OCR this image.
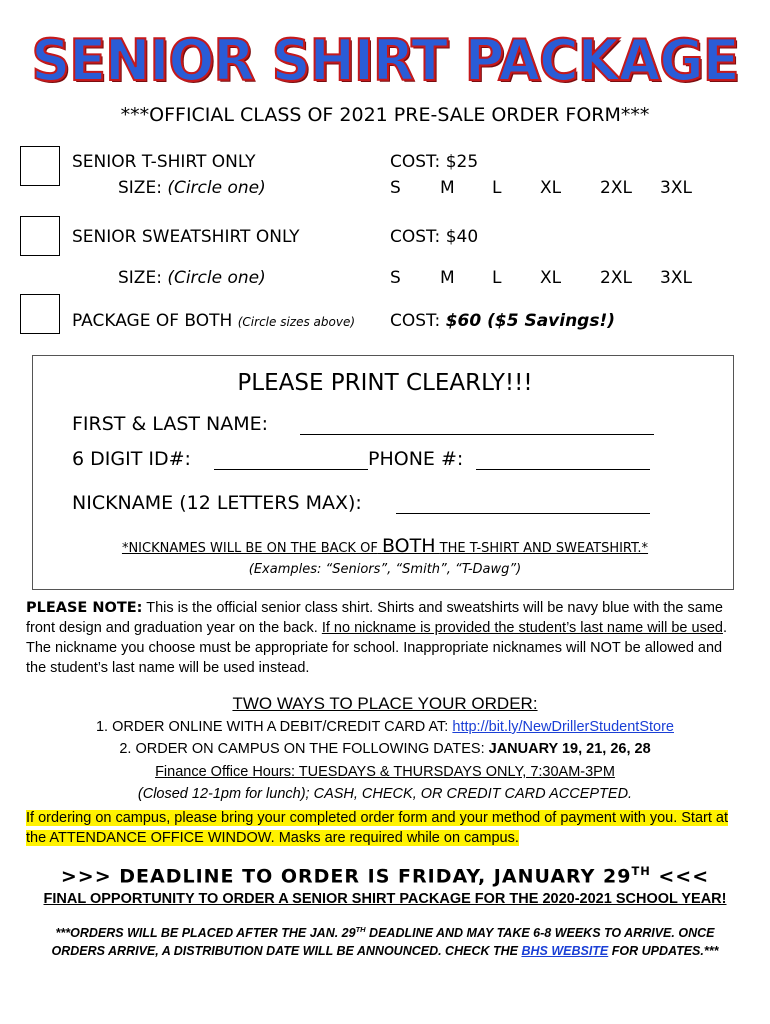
SENIOR SHIRT PACKAGE
***OFFICIAL CLASS OF 2021 PRE-SALE ORDER FORM***
SENIOR T-SHIRT ONLY	COST: $25
SIZE: (Circle one)	S M L XL 2XL 3XL
SENIOR SWEATSHIRT ONLY	COST: $40
SIZE: (Circle one)	S M L XL 2XL 3XL
PACKAGE OF BOTH (Circle sizes above) COST: $60 ($5 Savings!)
PLEASE PRINT CLEARLY!!!
FIRST & LAST NAME:
6 DIGIT ID#:	PHONE #:
NICKNAME (12 LETTERS MAX):
*NICKNAMES WILL BE ON THE BACK OF BOTH THE T-SHIRT AND SWEATSHIRT.*
(Examples: “Seniors”, “Smith”, “T-Dawg”)
PLEASE NOTE: This is the official senior class shirt. Shirts and sweatshirts will be navy blue with the same front design and graduation year on the back. If no nickname is provided the student’s last name will be used. The nickname you choose must be appropriate for school. Inappropriate nicknames will NOT be allowed and the student’s last name will be used instead.
TWO WAYS TO PLACE YOUR ORDER:
1. ORDER ONLINE WITH A DEBIT/CREDIT CARD AT: http://bit.ly/NewDrillerStudentStore
2. ORDER ON CAMPUS ON THE FOLLOWING DATES: JANUARY 19, 21, 26, 28
Finance Office Hours: TUESDAYS & THURSDAYS ONLY, 7:30AM-3PM
(Closed 12-1pm for lunch); CASH, CHECK, OR CREDIT CARD ACCEPTED.
If ordering on campus, please bring your completed order form and your method of payment with you. Start at the ATTENDANCE OFFICE WINDOW. Masks are required while on campus.
>>> DEADLINE TO ORDER IS FRIDAY, JANUARY 29TH <<<
FINAL OPPORTUNITY TO ORDER A SENIOR SHIRT PACKAGE FOR THE 2020-2021 SCHOOL YEAR!
***ORDERS WILL BE PLACED AFTER THE JAN. 29TH DEADLINE AND MAY TAKE 6-8 WEEKS TO ARRIVE. ONCE
ORDERS ARRIVE, A DISTRIBUTION DATE WILL BE ANNOUNCED. CHECK THE BHS WEBSITE FOR UPDATES.***
